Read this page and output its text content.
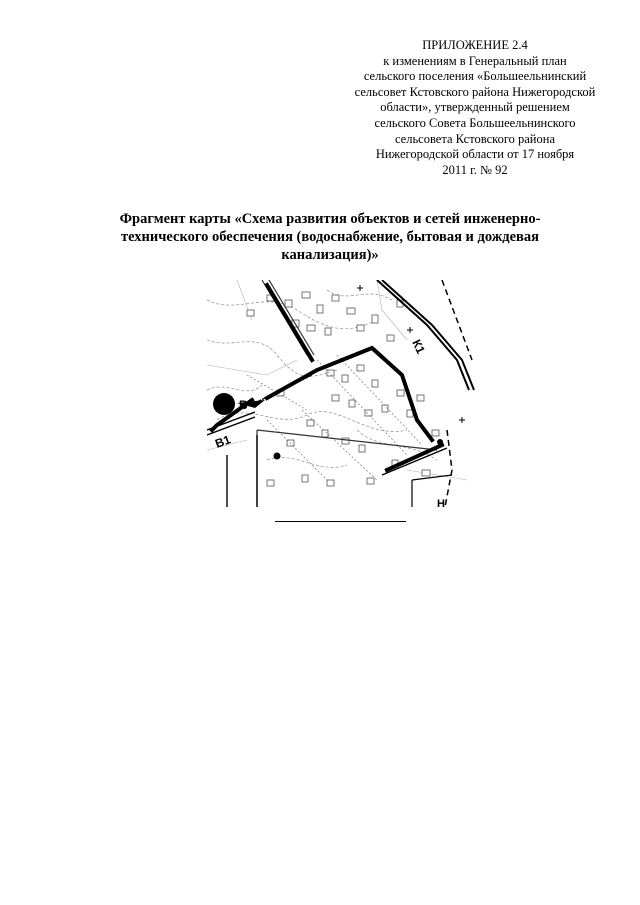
ПРИЛОЖЕНИЕ 2.4
к изменениям в Генеральный план
сельского поселения «Большеельнинский
сельсовет Кстовского района Нижегородской
области», утвержденный решением
сельского Совета Большеельнинского
сельсовета Кстовского района
Нижегородской области от 17 ноября
2011 г. № 92
Фрагмент карты «Схема развития объектов и сетей инженерно-
технического обеспечения (водоснабжение, бытовая и дождевая
канализация)»
В
В1
К1
Н
